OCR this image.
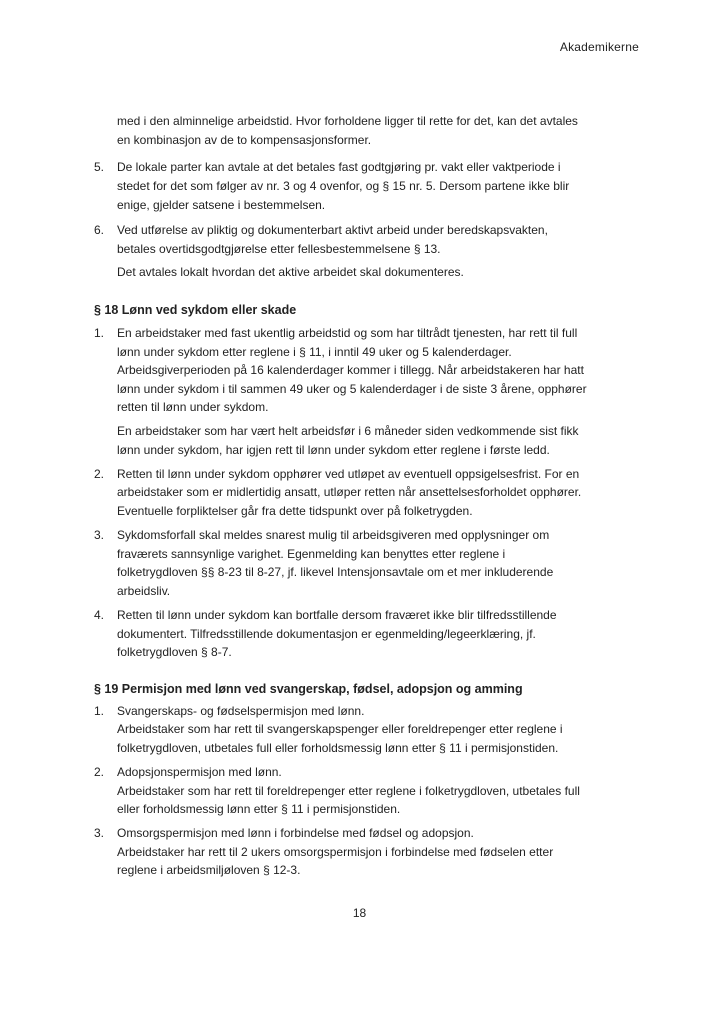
Akademikerne
med i den alminnelige arbeidstid. Hvor forholdene ligger til rette for det, kan det avtales
en kombinasjon av de to kompensasjonsformer.
5. De lokale parter kan avtale at det betales fast godtgjøring pr. vakt eller vaktperiode i
stedet for det som følger av nr. 3 og 4 ovenfor, og § 15 nr. 5. Dersom partene ikke blir
enige, gjelder satsene i bestemmelsen.
6. Ved utførelse av pliktig og dokumenterbart aktivt arbeid under beredskapsvakten,
betales overtidsgodtgjørelse etter fellesbestemmelsene § 13.
Det avtales lokalt hvordan det aktive arbeidet skal dokumenteres.
§ 18 Lønn ved sykdom eller skade
1. En arbeidstaker med fast ukentlig arbeidstid og som har tiltrådt tjenesten, har rett til full
lønn under sykdom etter reglene i § 11, i inntil 49 uker og 5 kalenderdager.
Arbeidsgiverperioden på 16 kalenderdager kommer i tillegg. Når arbeidstakeren har hatt
lønn under sykdom i til sammen 49 uker og 5 kalenderdager i de siste 3 årene, opphører
retten til lønn under sykdom.
En arbeidstaker som har vært helt arbeidsfør i 6 måneder siden vedkommende sist fikk
lønn under sykdom, har igjen rett til lønn under sykdom etter reglene i første ledd.
2. Retten til lønn under sykdom opphører ved utløpet av eventuell oppsigelsesfrist. For en
arbeidstaker som er midlertidig ansatt, utløper retten når ansettelsesforholdet opphører.
Eventuelle forpliktelser går fra dette tidspunkt over på folketrygden.
3. Sykdomsforfall skal meldes snarest mulig til arbeidsgiveren med opplysninger om
fraværets sannsynlige varighet. Egenmelding kan benyttes etter reglene i
folketrygdloven §§ 8-23 til 8-27, jf. likevel Intensjonsavtale om et mer inkluderende
arbeidsliv.
4. Retten til lønn under sykdom kan bortfalle dersom fraværet ikke blir tilfredsstillende
dokumentert. Tilfredsstillende dokumentasjon er egenmelding/legeerklæring, jf.
folketrygdloven § 8-7.
§ 19 Permisjon med lønn ved svangerskap, fødsel, adopsjon og amming
1. Svangerskaps- og fødselspermisjon med lønn.
Arbeidstaker som har rett til svangerskapspenger eller foreldrepenger etter reglene i
folketrygdloven, utbetales full eller forholdsmessig lønn etter § 11 i permisjonstiden.
2. Adopsjonspermisjon med lønn.
Arbeidstaker som har rett til foreldrepenger etter reglene i folketrygdloven, utbetales full
eller forholdsmessig lønn etter § 11 i permisjonstiden.
3. Omsorgspermisjon med lønn i forbindelse med fødsel og adopsjon.
Arbeidstaker har rett til 2 ukers omsorgspermisjon i forbindelse med fødselen etter
reglene i arbeidsmiljøloven § 12-3.
18
